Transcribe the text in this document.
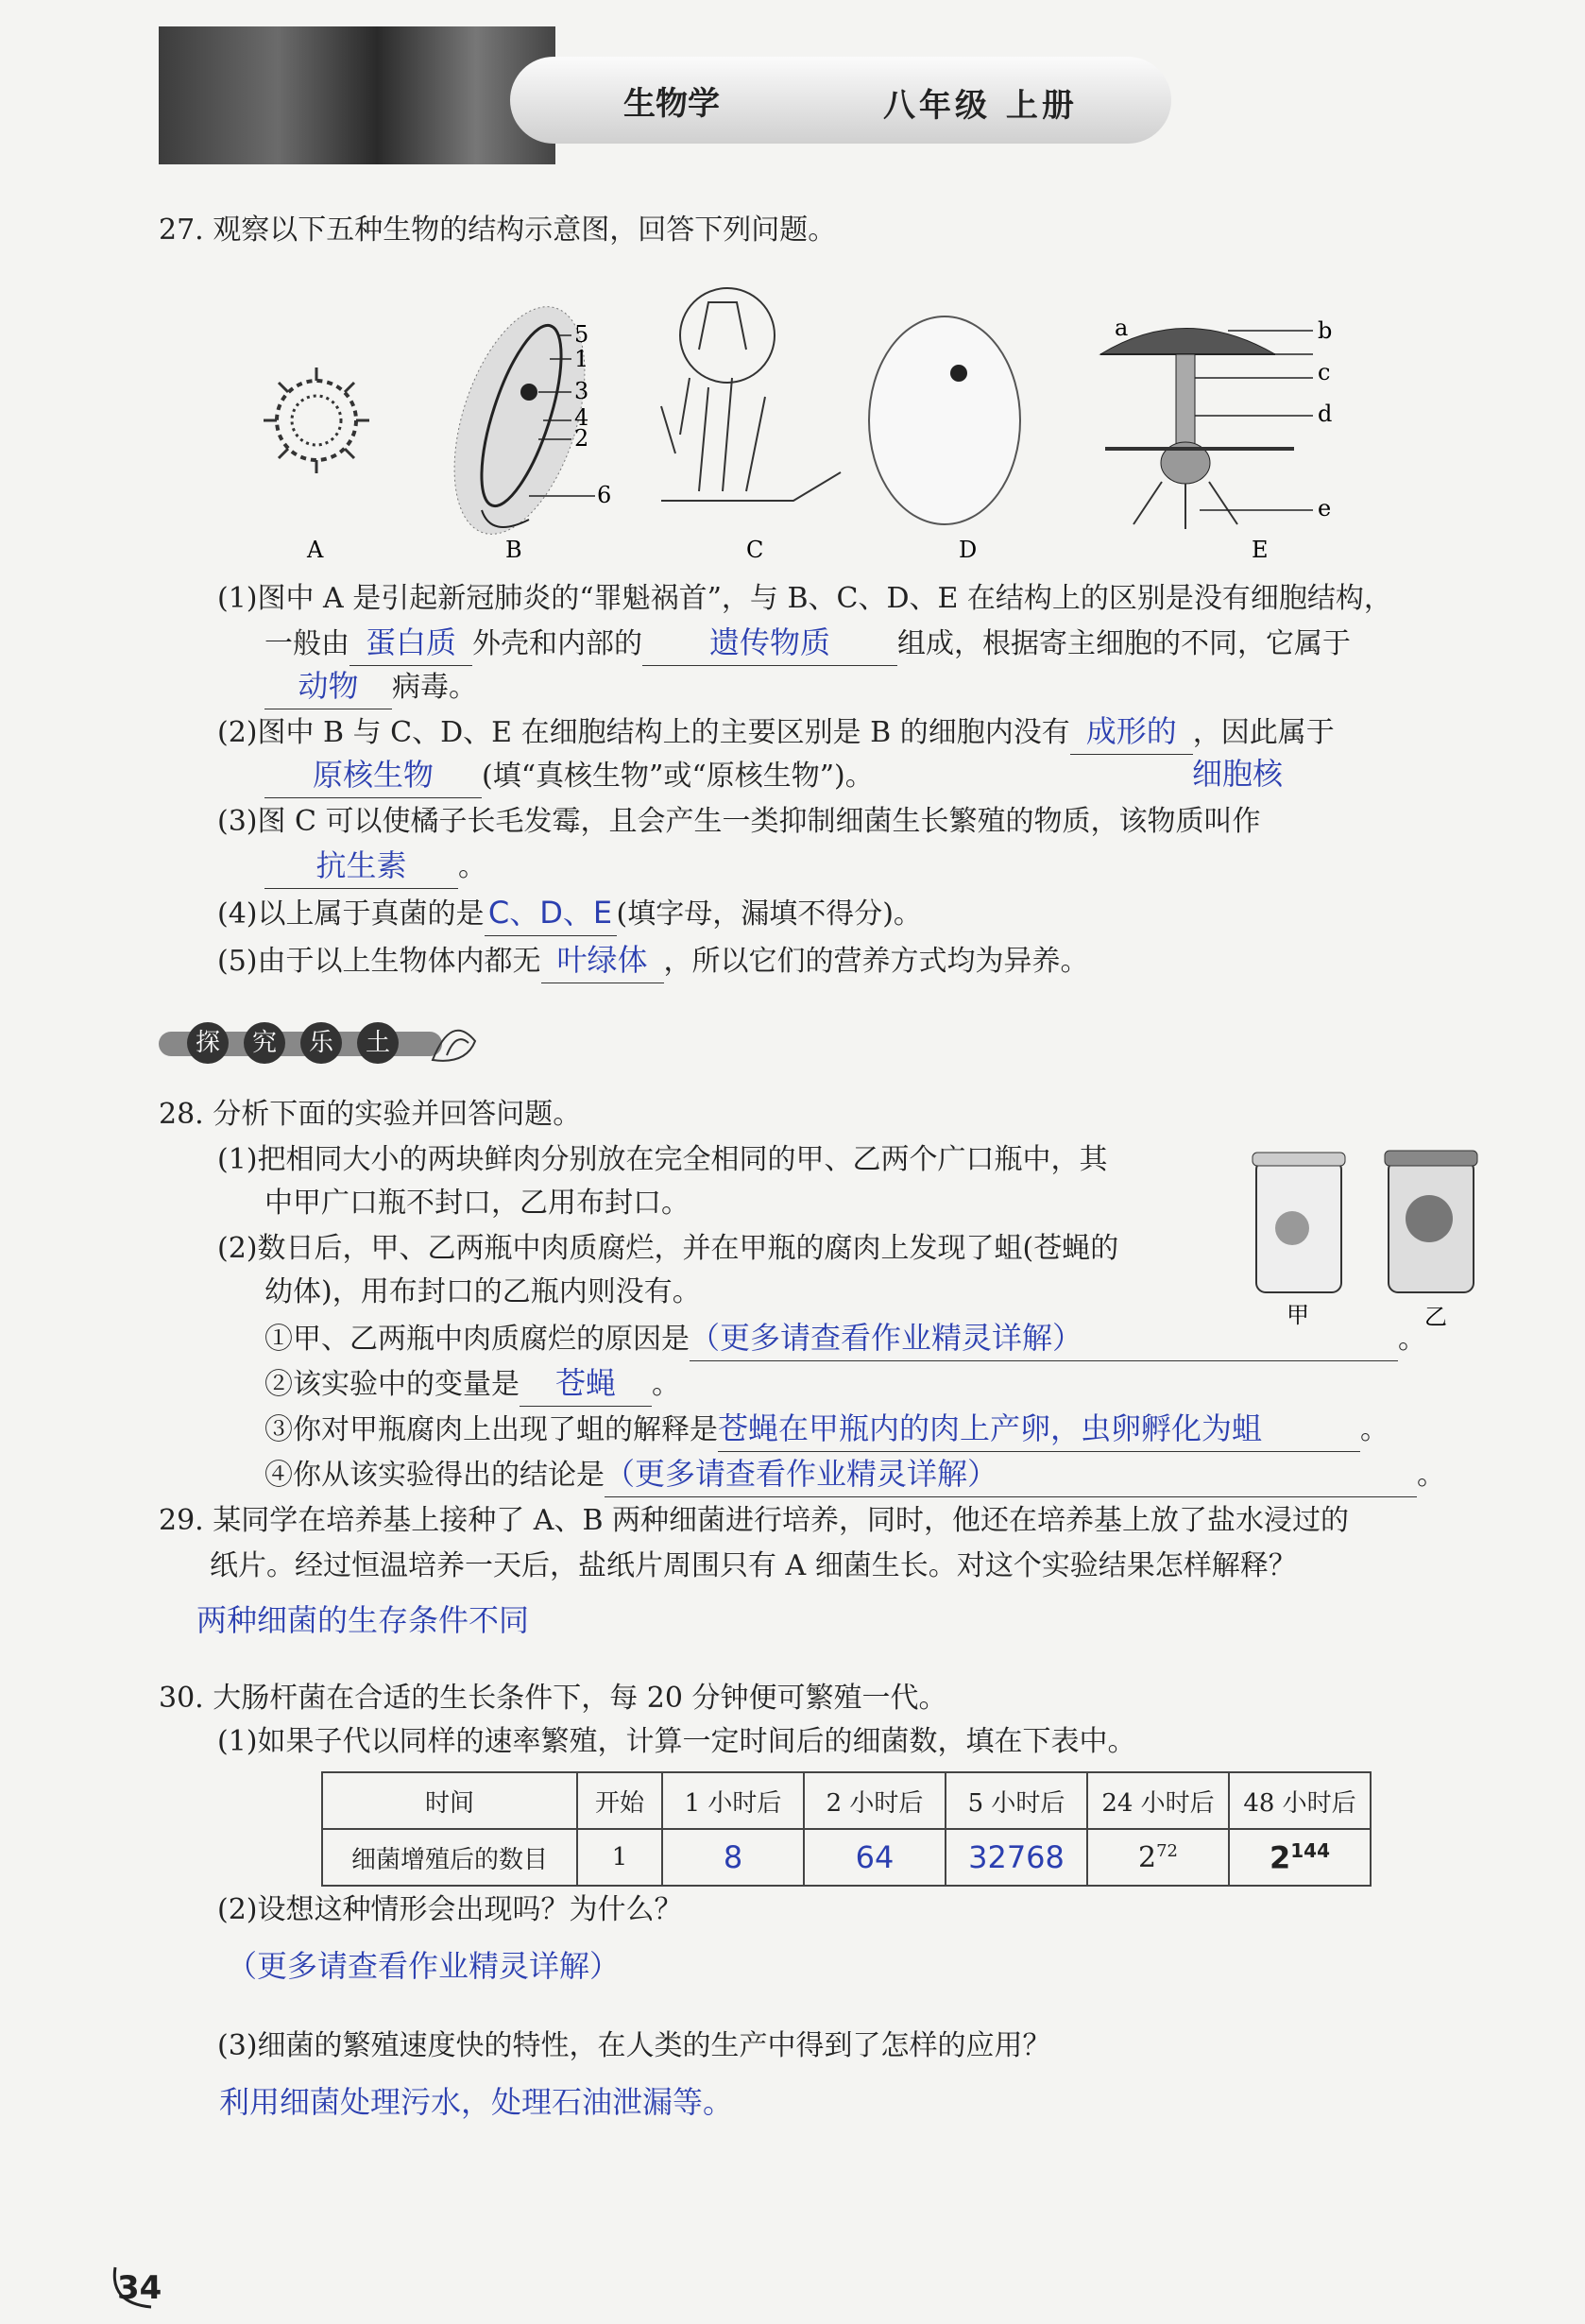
生物学	八年级 上册
27. 观察以下五种生物的结构示意图，回答下列问题。
5
1
3
4
2
6
a	b
c
d
e
A	B	C	D	E
(1)图中 A 是引起新冠肺炎的“罪魁祸首”，与 B、C、D、E 在结构上的区别是没有细胞结构，
一般由 蛋白质 外壳和内部的 遗传物质 组成，根据寄主细胞的不同，它属于
动物 病毒。
(2)图中 B 与 C、D、E 在细胞结构上的主要区别是 B 的细胞内没有 成形的 ，因此属于
细胞核
原核生物 (填“真核生物”或“原核生物”)。
(3)图 C 可以使橘子长毛发霉，且会产生一类抑制细菌生长繁殖的物质，该物质叫作
抗生素 。
(4)以上属于真菌的是 C、D、E (填字母，漏填不得分)。
(5)由于以上生物体内都无 叶绿体 ，所以它们的营养方式均为异养。
探	究	乐	土
28. 分析下面的实验并回答问题。
(1)把相同大小的两块鲜肉分别放在完全相同的甲、乙两个广口瓶中，其
中甲广口瓶不封口，乙用布封口。
(2)数日后，甲、乙两瓶中肉质腐烂，并在甲瓶的腐肉上发现了蛆(苍蝇的
幼体)，用布封口的乙瓶内则没有。
甲	乙
①甲、乙两瓶中肉质腐烂的原因是（更多请查看作业精灵详解）	。
②该实验中的变量是 苍蝇 。
③你对甲瓶腐肉上出现了蛆的解释是苍蝇在甲瓶内的肉上产卵，虫卵孵化为蛆	。
④你从该实验得出的结论是（更多请查看作业精灵详解）	。
29. 某同学在培养基上接种了 A、B 两种细菌进行培养，同时，他还在培养基上放了盐水浸过的
纸片。经过恒温培养一天后，盐纸片周围只有 A 细菌生长。对这个实验结果怎样解释？
两种细菌的生存条件不同
30. 大肠杆菌在合适的生长条件下，每 20 分钟便可繁殖一代。
(1)如果子代以同样的速率繁殖，计算一定时间后的细菌数，填在下表中。
时间	开始	1 小时后	2 小时后	5 小时后	24 小时后	48 小时后
细菌增殖后的数目	1	8	64	32768	$2^{72}$	$2^{144}$
(2)设想这种情形会出现吗？为什么？
（更多请查看作业精灵详解）
(3)细菌的繁殖速度快的特性，在人类的生产中得到了怎样的应用？
利用细菌处理污水，处理石油泄漏等。
34
